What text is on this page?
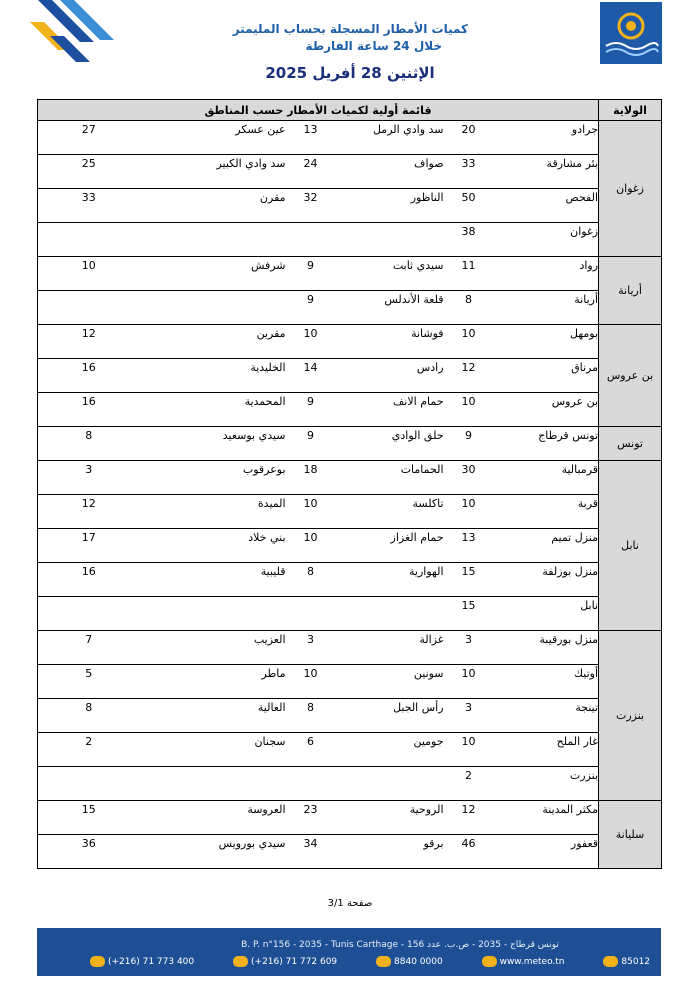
كميات الأمطار المسجلة بحساب المليمتر
خلال 24 ساعة الفارطة
الإثنين 28 أفريل 2025
الولاية	قائمة أولية لكميات الأمطار حسب المناطق					
زغوان	جرادو	20	سد وادي الرمل	13	عين عسكر	27
	بئر مشارقة	33	صواف	24	سد وادي الكبير	25
	الفحص	50	الناظور	32	مقرن	33
	زغوان	38				
أريانة	رواد	11	سيدي ثابت	9	شرفش	10
	أريانة	8	قلعة الأندلس	9		
بن عروس	بومهل	10	فوشانة	10	مقرين	12
	مرناق	12	رادس	14	الخليدية	16
	بن عروس	10	حمام الانف	9	المحمدية	16
تونس	تونس قرطاج	9	حلق الوادي	9	سيدي بوسعيد	8
نابل	قرمبالية	30	الحمامات	18	بوعرقوب	3
	قربة	10	تاكلسة	10	الميدة	12
	منزل تميم	13	حمام الغزاز	10	بني خلاد	17
	منزل بوزلفة	15	الهوارية	8	قليبية	16
	نابل	15				
بنزرت	منزل بورقيبة	3	غزالة	3	العزيب	7
	أوتيك	10	سونين	10	ماطر	5
	تينجة	3	رأس الجبل	8	العالية	8
	غار الملح	10	جومين	6	سجنان	2
	بنزرت	2				
سليانة	مكثر المدينة	12	الروحية	23	العروسة	15
	قعفور	46	برقو	34	سيدي بورويس	36
صفحة 3/1
B. P. n°156 - 2035 - Tunis Carthage - تونس قرطاج - 2035 - ص.ب. عدد 156
(+216) 71 773 400	(+216) 71 772 609	8840 0000	www.meteo.tn	85012
